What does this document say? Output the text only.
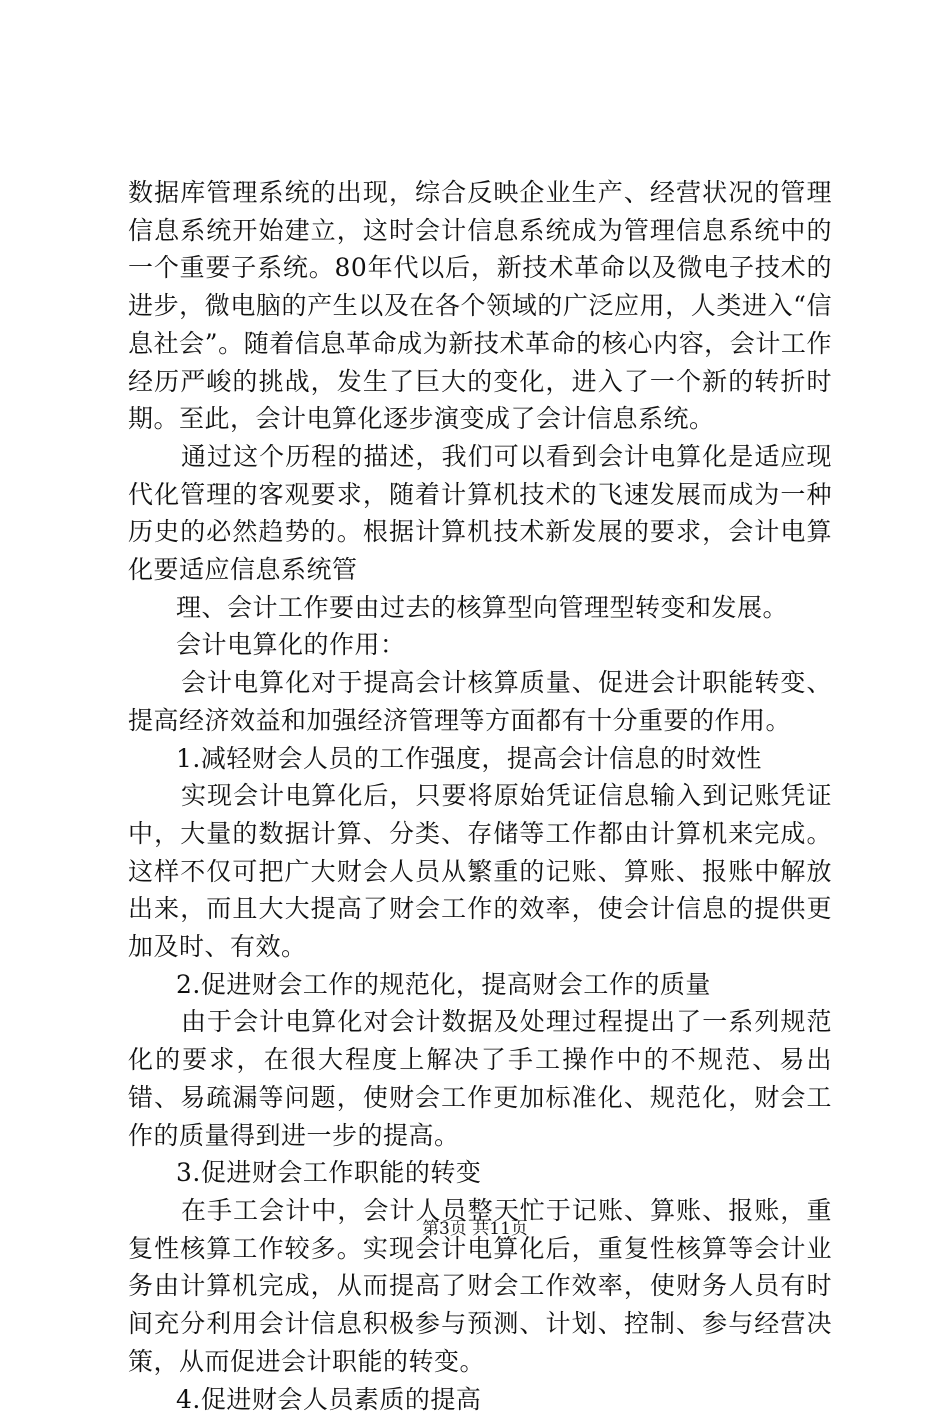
数据库管理系统的出现，综合反映企业生产、经营状况的管理信息系统开始建立，这时会计信息系统成为管理信息系统中的一个重要子系统。80年代以后，新技术革命以及微电子技术的进步，微电脑的产生以及在各个领域的广泛应用，人类进入“信息社会”。随着信息革命成为新技术革命的核心内容，会计工作经历严峻的挑战，发生了巨大的变化，进入了一个新的转折时期。至此，会计电算化逐步演变成了会计信息系统。

通过这个历程的描述，我们可以看到会计电算化是适应现代化管理的客观要求，随着计算机技术的飞速发展而成为一种历史的必然趋势的。根据计算机技术新发展的要求，会计电算化要适应信息系统管

理、会计工作要由过去的核算型向管理型转变和发展。

会计电算化的作用：

会计电算化对于提高会计核算质量、促进会计职能转变、提高经济效益和加强经济管理等方面都有十分重要的作用。

1.减轻财会人员的工作强度，提高会计信息的时效性

实现会计电算化后，只要将原始凭证信息输入到记账凭证中，大量的数据计算、分类、存储等工作都由计算机来完成。这样不仅可把广大财会人员从繁重的记账、算账、报账中解放出来，而且大大提高了财会工作的效率，使会计信息的提供更加及时、有效。

2.促进财会工作的规范化，提高财会工作的质量

由于会计电算化对会计数据及处理过程提出了一系列规范化的要求，在很大程度上解决了手工操作中的不规范、易出错、易疏漏等问题，使财会工作更加标准化、规范化，财会工作的质量得到进一步的提高。

3.促进财会工作职能的转变

在手工会计中，会计人员整天忙于记账、算账、报账，重复性核算工作较多。实现会计电算化后，重复性核算等会计业务由计算机完成，从而提高了财会工作效率，使财务人员有时间充分利用会计信息积极参与预测、计划、控制、参与经营决策，从而促进会计职能的转变。

4.促进财会人员素质的提高

第3页 共11页
